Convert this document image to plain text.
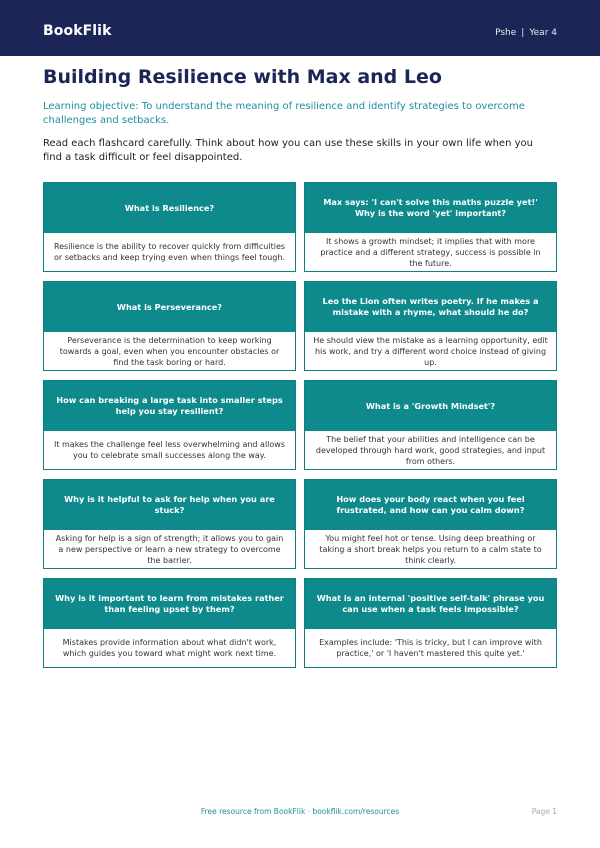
BookFlik	Pshe | Year 4
Building Resilience with Max and Leo

Learning objective: To understand the meaning of resilience and identify strategies to overcome challenges and setbacks.

Read each flashcard carefully. Think about how you can use these skills in your own life when you find a task difficult or feel disappointed.

What is Resilience?
Resilience is the ability to recover quickly from difficulties or setbacks and keep trying even when things feel tough.
Max says: 'I can't solve this maths puzzle yet!' Why is the word 'yet' important?
It shows a growth mindset; it implies that with more practice and a different strategy, success is possible in the future.
What is Perseverance?
Perseverance is the determination to keep working towards a goal, even when you encounter obstacles or find the task boring or hard.
Leo the Lion often writes poetry. If he makes a mistake with a rhyme, what should he do?
He should view the mistake as a learning opportunity, edit his work, and try a different word choice instead of giving up.
How can breaking a large task into smaller steps help you stay resilient?
It makes the challenge feel less overwhelming and allows you to celebrate small successes along the way.
What is a 'Growth Mindset'?
The belief that your abilities and intelligence can be developed through hard work, good strategies, and input from others.
Why is it helpful to ask for help when you are stuck?
Asking for help is a sign of strength; it allows you to gain a new perspective or learn a new strategy to overcome the barrier.
How does your body react when you feel frustrated, and how can you calm down?
You might feel hot or tense. Using deep breathing or taking a short break helps you return to a calm state to think clearly.
Why is it important to learn from mistakes rather than feeling upset by them?
Mistakes provide information about what didn't work, which guides you toward what might work next time.
What is an internal 'positive self-talk' phrase you can use when a task feels impossible?
Examples include: 'This is tricky, but I can improve with practice,' or 'I haven't mastered this quite yet.'
Free resource from BookFlik · bookflik.com/resources	Page 1
